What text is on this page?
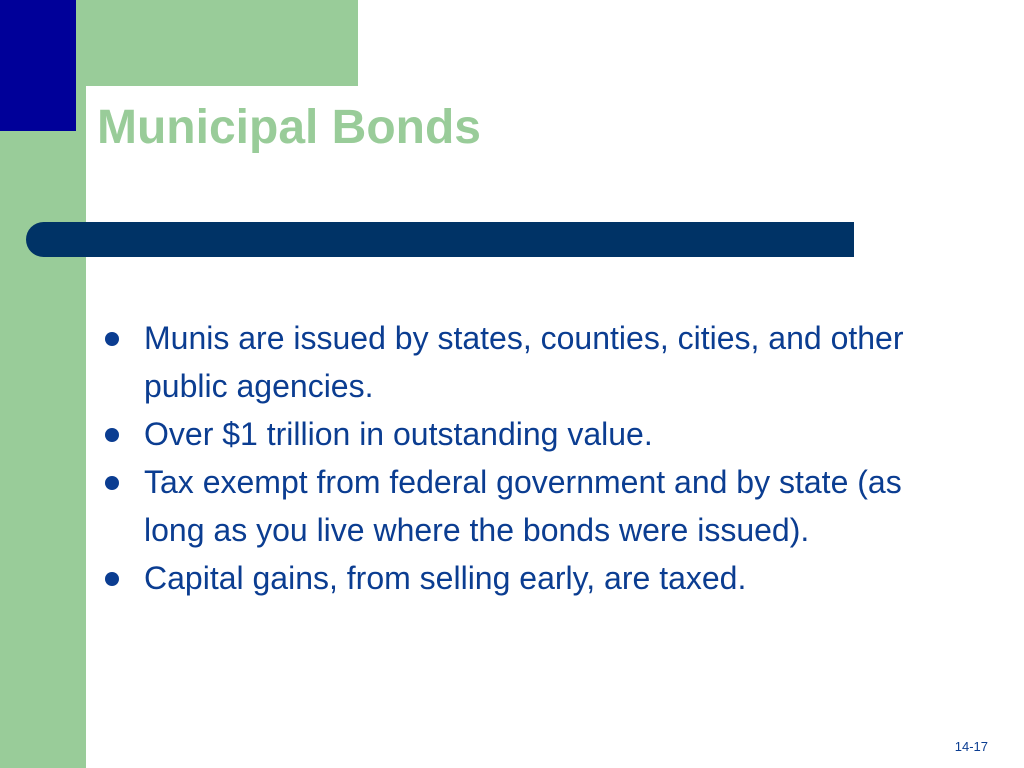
Municipal Bonds
Munis are issued by states, counties, cities, and other public agencies.
Over $1 trillion in outstanding value.
Tax exempt from federal government and by state (as long as you live where the bonds were issued).
Capital gains, from selling early, are taxed.
14-17
